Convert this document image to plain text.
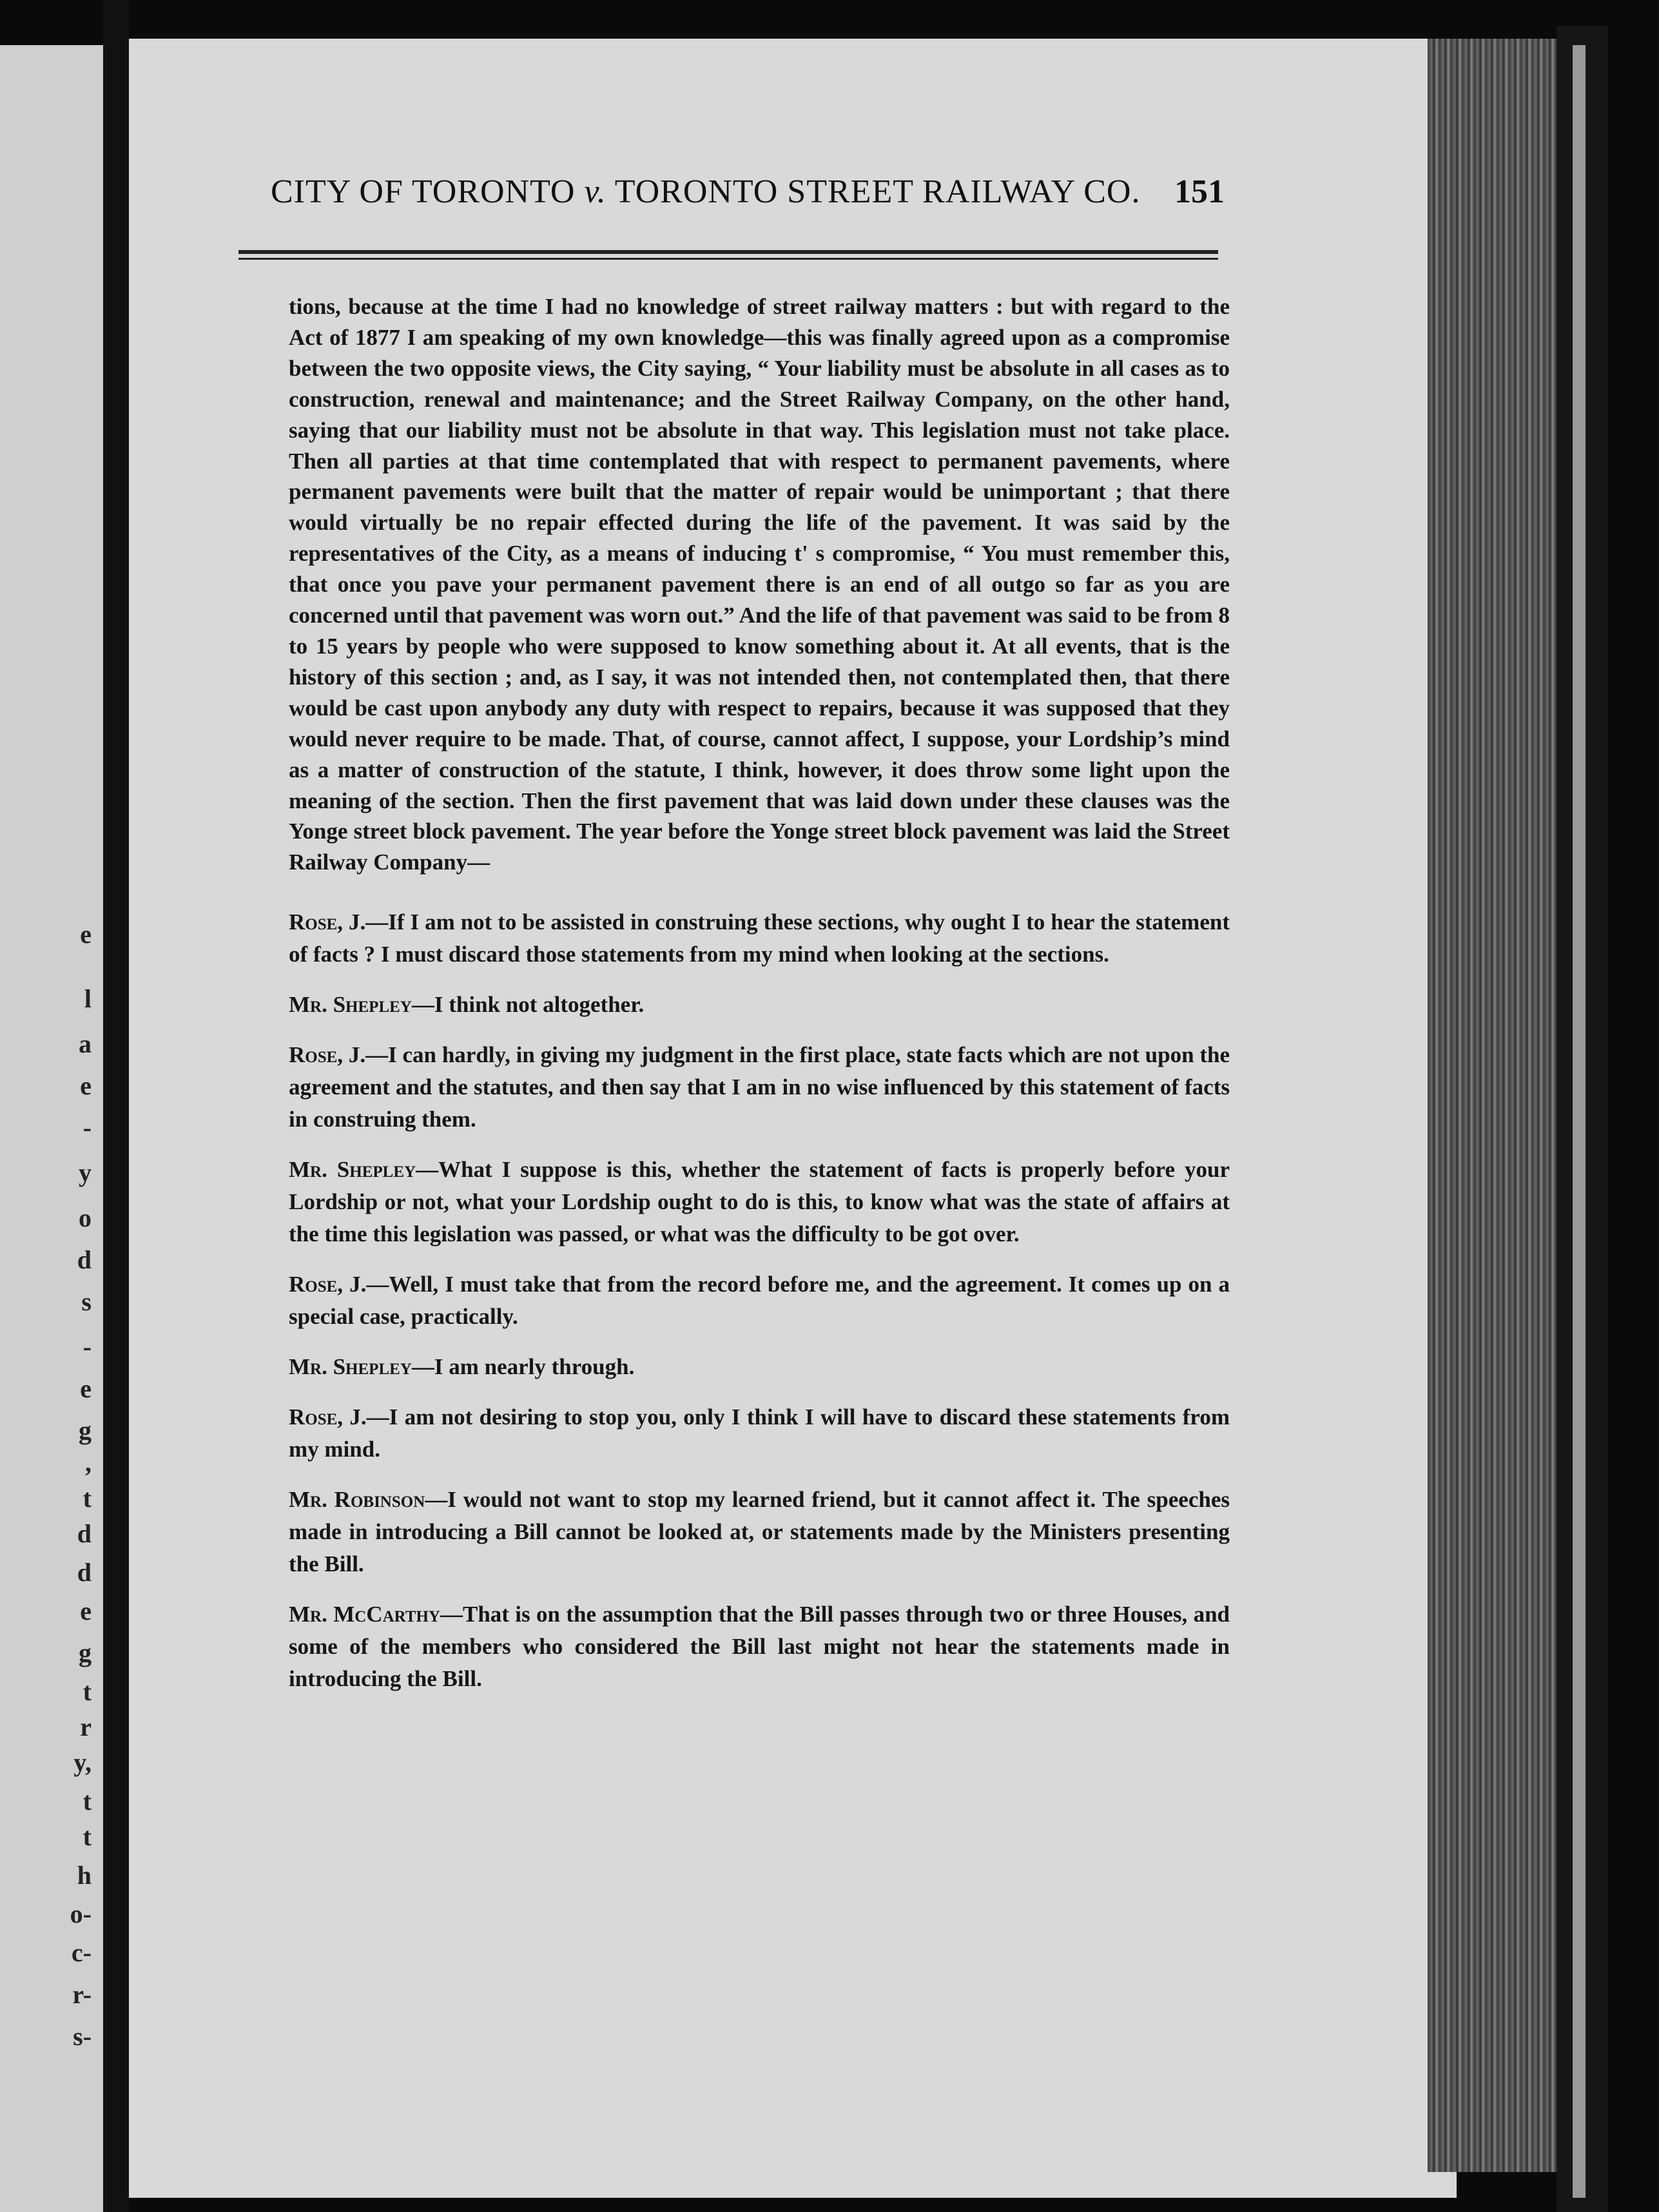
e
l
a
e
-
y
o
d
s
-
e
g
,
t
d
d
e
g
t
r
y,
t
t
h
o-
c-
r-
s-
CITY OF TORONTO v. TORONTO STREET RAILWAY CO. 151

tions, because at the time I had no knowledge of street railway matters : but with regard to the Act of 1877 I am speaking of my own knowledge—this was finally agreed upon as a compromise between the two opposite views, the City saying, “ Your liability must be absolute in all cases as to construction, renewal and maintenance; and the Street Railway Company, on the other hand, saying that our liability must not be absolute in that way. This legislation must not take place. Then all parties at that time contemplated that with respect to permanent pavements, where permanent pavements were built that the matter of repair would be unimportant ; that there would virtually be no repair effected during the life of the pavement. It was said by the representatives of the City, as a means of inducing t' s compromise, “ You must remember this, that once you pave your permanent pavement there is an end of all outgo so far as you are concerned until that pavement was worn out.” And the life of that pavement was said to be from 8 to 15 years by people who were supposed to know something about it. At all events, that is the history of this section ; and, as I say, it was not intended then, not contemplated then, that there would be cast upon anybody any duty with respect to repairs, because it was supposed that they would never require to be made. That, of course, cannot affect, I suppose, your Lordship’s mind as a matter of construction of the statute, I think, however, it does throw some light upon the meaning of the section. Then the first pavement that was laid down under these clauses was the Yonge street block pavement. The year before the Yonge street block pavement was laid the Street Railway Company—

Rose, J.—If I am not to be assisted in construing these sections, why ought I to hear the statement of facts ? I must discard those statements from my mind when looking at the sections.

Mr. Shepley—I think not altogether.

Rose, J.—I can hardly, in giving my judgment in the first place, state facts which are not upon the agreement and the statutes, and then say that I am in no wise influenced by this statement of facts in construing them.

Mr. Shepley—What I suppose is this, whether the statement of facts is properly before your Lordship or not, what your Lordship ought to do is this, to know what was the state of affairs at the time this legislation was passed, or what was the difficulty to be got over.

Rose, J.—Well, I must take that from the record before me, and the agreement. It comes up on a special case, practically.

Mr. Shepley—I am nearly through.

Rose, J.—I am not desiring to stop you, only I think I will have to discard these statements from my mind.

Mr. Robinson—I would not want to stop my learned friend, but it cannot affect it. The speeches made in introducing a Bill cannot be looked at, or statements made by the Ministers presenting the Bill.

Mr. McCarthy—That is on the assumption that the Bill passes through two or three Houses, and some of the members who considered the Bill last might not hear the statements made in introducing the Bill.
